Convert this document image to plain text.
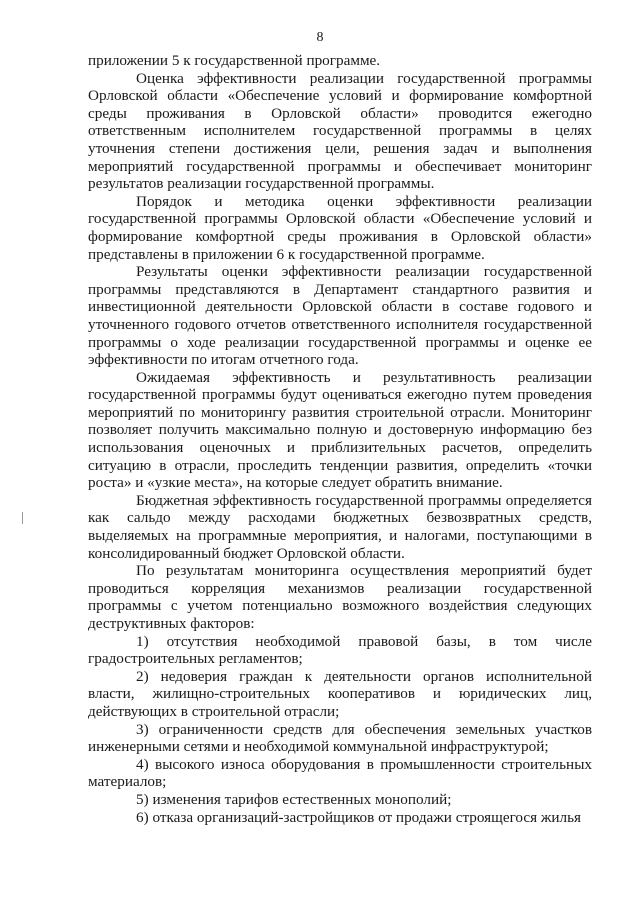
8

приложении 5 к государственной программе.

Оценка эффективности реализации государственной программы Орловской области «Обеспечение условий и формирование комфортной среды проживания в Орловской области» проводится ежегодно ответственным исполнителем государственной программы в целях уточнения степени достижения цели, решения задач и выполнения мероприятий государственной программы и обеспечивает мониторинг результатов реализации государственной программы.

Порядок и методика оценки эффективности реализации государственной программы Орловской области «Обеспечение условий и формирование комфортной среды проживания в Орловской области» представлены в приложении 6 к государственной программе.

Результаты оценки эффективности реализации государственной программы представляются в Департамент стандартного развития и инвестиционной деятельности Орловской области в составе годового и уточненного годового отчетов ответственного исполнителя государственной программы о ходе реализации государственной программы и оценке ее эффективности по итогам отчетного года.

Ожидаемая эффективность и результативность реализации государственной программы будут оцениваться ежегодно путем проведения мероприятий по мониторингу развития строительной отрасли. Мониторинг позволяет получить максимально полную и достоверную информацию без использования оценочных и приблизительных расчетов, определить ситуацию в отрасли, проследить тенденции развития, определить «точки роста» и «узкие места», на которые следует обратить внимание.

Бюджетная эффективность государственной программы определяется как сальдо между расходами бюджетных безвозвратных средств, выделяемых на программные мероприятия, и налогами, поступающими в консолидированный бюджет Орловской области.

По результатам мониторинга осуществления мероприятий будет проводиться корреляция механизмов реализации государственной программы с учетом потенциально возможного воздействия следующих деструктивных факторов:

1) отсутствия необходимой правовой базы, в том числе градостроительных регламентов;

2) недоверия граждан к деятельности органов исполнительной власти, жилищно-строительных кооперативов и юридических лиц, действующих в строительной отрасли;

3) ограниченности средств для обеспечения земельных участков инженерными сетями и необходимой коммунальной инфраструктурой;

4) высокого износа оборудования в промышленности строительных материалов;

5) изменения тарифов естественных монополий;

6) отказа организаций-застройщиков от продажи строящегося жилья
